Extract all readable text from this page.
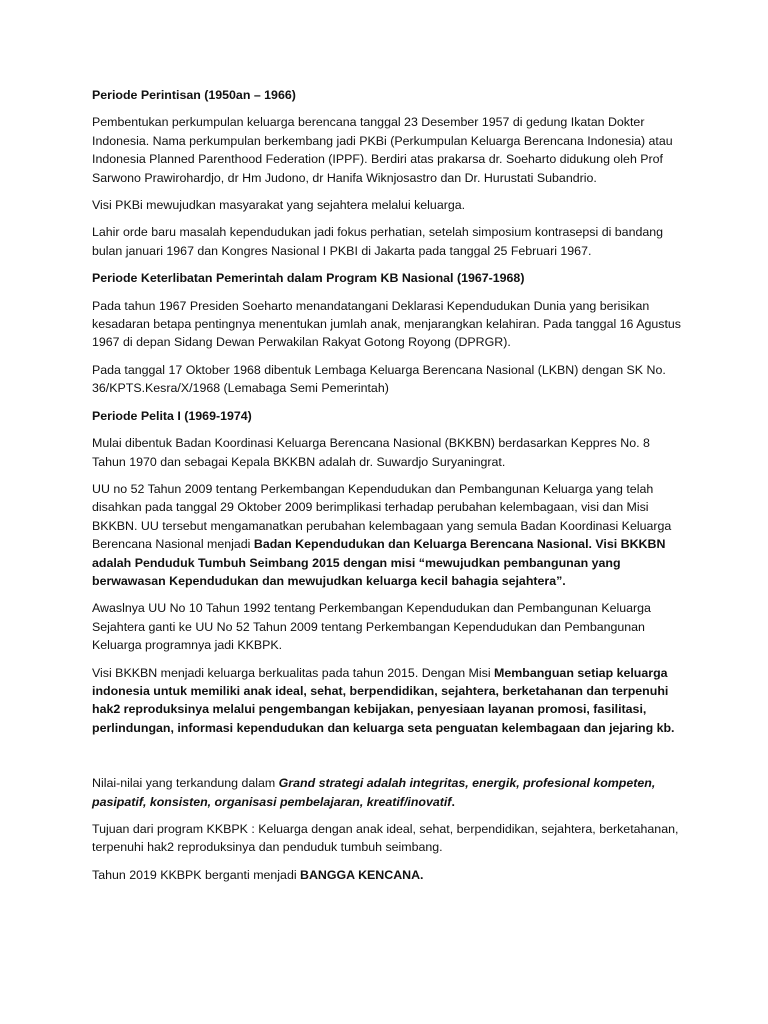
Periode Perintisan (1950an – 1966)

Pembentukan perkumpulan keluarga berencana tanggal 23 Desember 1957 di gedung Ikatan Dokter Indonesia. Nama perkumpulan berkembang jadi PKBi (Perkumpulan Keluarga Berencana Indonesia) atau Indonesia Planned Parenthood Federation (IPPF). Berdiri atas prakarsa dr. Soeharto didukung oleh Prof Sarwono Prawirohardjo, dr Hm Judono, dr Hanifa Wiknjosastro dan Dr. Hurustati Subandrio.

Visi PKBi mewujudkan masyarakat yang sejahtera melalui keluarga.

Lahir orde baru masalah kependudukan jadi fokus perhatian, setelah simposium kontrasepsi di bandang bulan januari 1967 dan Kongres Nasional I PKBI di Jakarta pada tanggal 25 Februari 1967.

Periode Keterlibatan Pemerintah dalam Program KB Nasional (1967-1968)

Pada tahun 1967 Presiden Soeharto menandatangani Deklarasi Kependudukan Dunia yang berisikan kesadaran betapa pentingnya menentukan jumlah anak, menjarangkan kelahiran. Pada tanggal 16 Agustus 1967 di depan Sidang Dewan Perwakilan Rakyat Gotong Royong (DPRGR).

Pada tanggal 17 Oktober 1968 dibentuk Lembaga Keluarga Berencana Nasional (LKBN) dengan SK No. 36/KPTS.Kesra/X/1968 (Lemabaga Semi Pemerintah)

Periode Pelita I (1969-1974)

Mulai dibentuk Badan Koordinasi Keluarga Berencana Nasional (BKKBN) berdasarkan Keppres No. 8 Tahun 1970 dan sebagai Kepala BKKBN adalah dr. Suwardjo Suryaningrat.

UU no 52 Tahun 2009 tentang Perkembangan Kependudukan dan Pembangunan Keluarga yang telah disahkan pada tanggal 29 Oktober 2009 berimplikasi terhadap perubahan kelembagaan, visi dan Misi BKKBN. UU tersebut mengamanatkan perubahan kelembagaan yang semula Badan Koordinasi Keluarga Berencana Nasional menjadi Badan Kependudukan dan Keluarga Berencana Nasional. Visi BKKBN adalah Penduduk Tumbuh Seimbang 2015 dengan misi “mewujudkan pembangunan yang berwawasan Kependudukan dan mewujudkan keluarga kecil bahagia sejahtera”.

Awaslnya UU No 10 Tahun 1992 tentang Perkembangan Kependudukan dan Pembangunan Keluarga Sejahtera ganti ke UU No 52 Tahun 2009 tentang Perkembangan Kependudukan dan Pembangunan Keluarga programnya jadi KKBPK.

Visi BKKBN menjadi keluarga berkualitas pada tahun 2015. Dengan Misi Membanguan setiap keluarga indonesia untuk memiliki anak ideal, sehat, berpendidikan, sejahtera, berketahanan dan terpenuhi hak2 reproduksinya melalui pengembangan kebijakan, penyesiaan layanan promosi, fasilitasi, perlindungan, informasi kependudukan dan keluarga seta penguatan kelembagaan dan jejaring kb.

Nilai-nilai yang terkandung dalam Grand strategi adalah integritas, energik, profesional kompeten, pasipatif, konsisten, organisasi pembelajaran, kreatif/inovatif.

Tujuan dari program KKBPK : Keluarga dengan anak ideal, sehat, berpendidikan, sejahtera, berketahanan, terpenuhi hak2 reproduksinya dan penduduk tumbuh seimbang.

Tahun 2019 KKBPK berganti menjadi BANGGA KENCANA.
